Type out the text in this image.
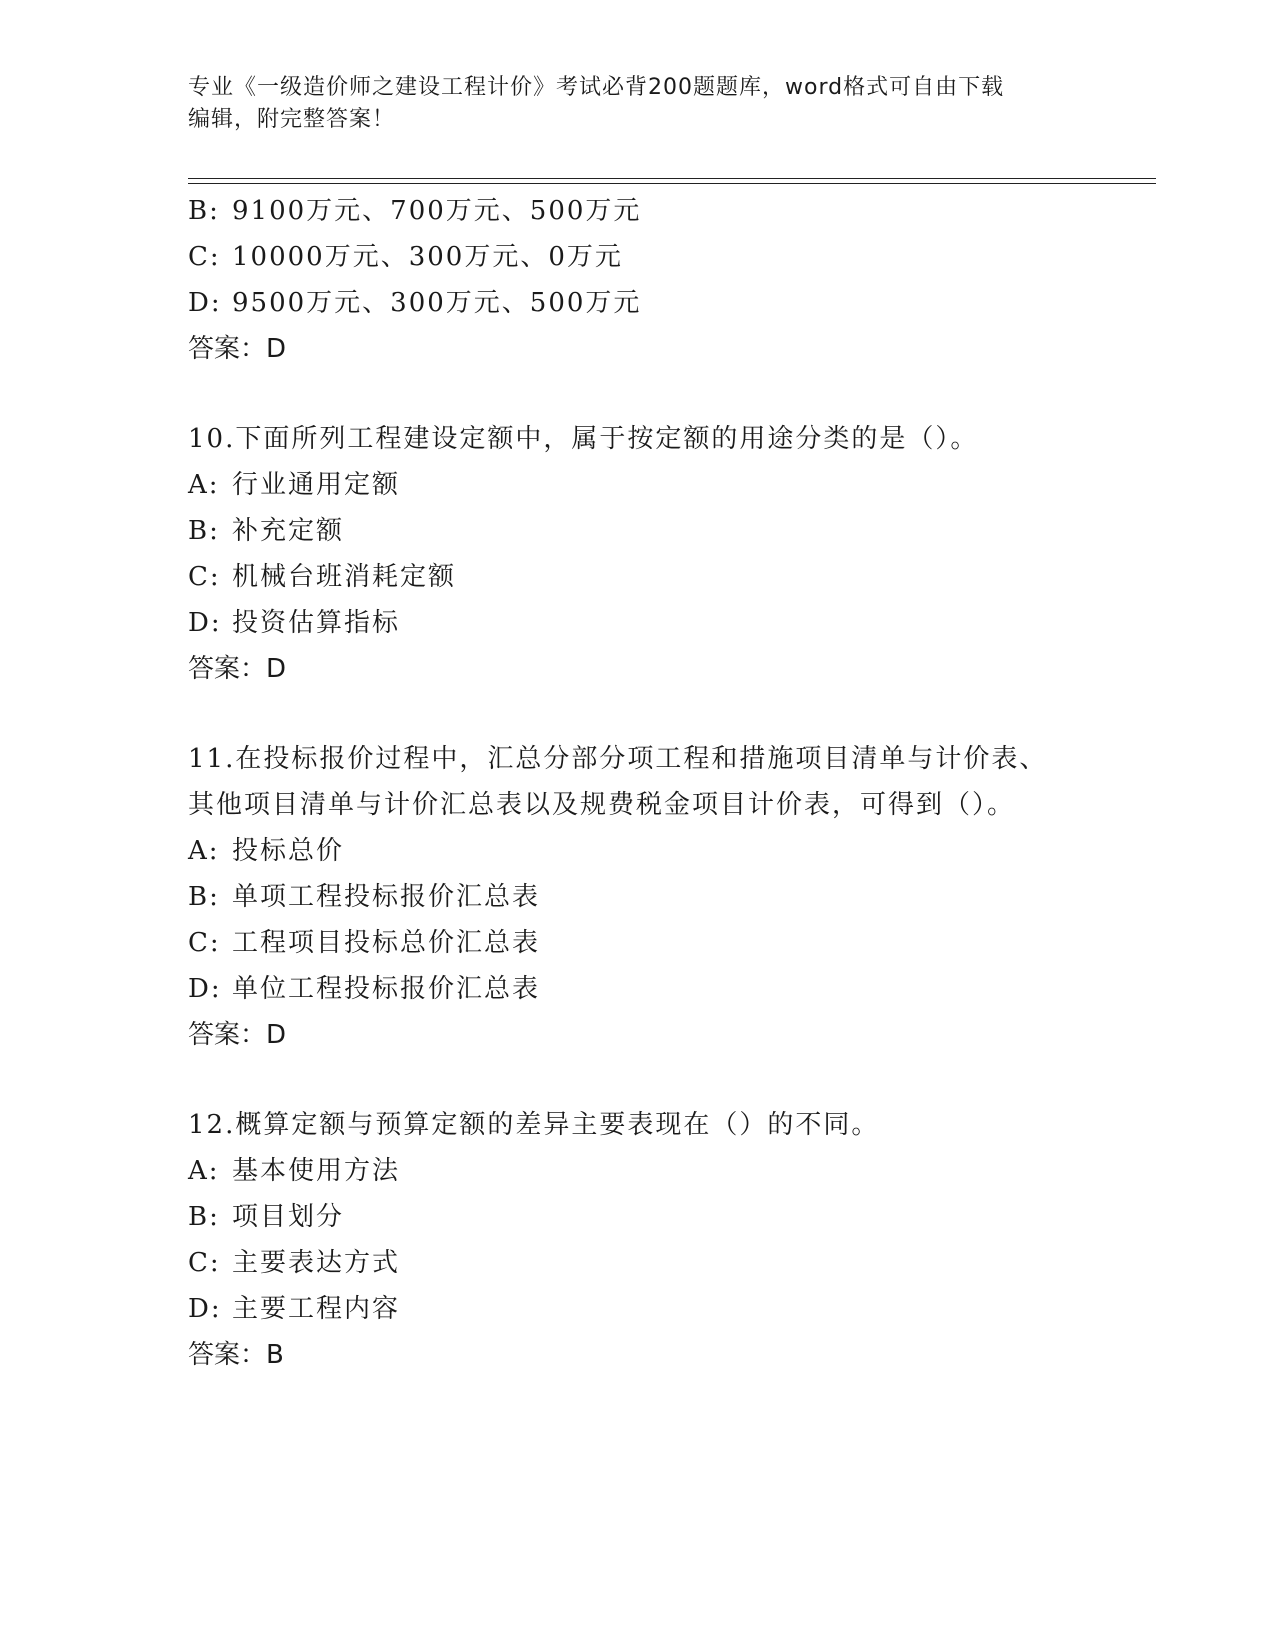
专业《一级造价师之建设工程计价》考试必背200题题库，word格式可自由下载
编辑，附完整答案！
B: 9100万元、700万元、500万元
C: 10000万元、300万元、0万元
D: 9500万元、300万元、500万元
答案：D
10.下面所列工程建设定额中，属于按定额的用途分类的是（）。
A: 行业通用定额
B: 补充定额
C: 机械台班消耗定额
D: 投资估算指标
答案：D
11.在投标报价过程中，汇总分部分项工程和措施项目清单与计价表、
其他项目清单与计价汇总表以及规费税金项目计价表，可得到（）。
A: 投标总价
B: 单项工程投标报价汇总表
C: 工程项目投标总价汇总表
D: 单位工程投标报价汇总表
答案：D
12.概算定额与预算定额的差异主要表现在（）的不同。
A: 基本使用方法
B: 项目划分
C: 主要表达方式
D: 主要工程内容
答案：B
